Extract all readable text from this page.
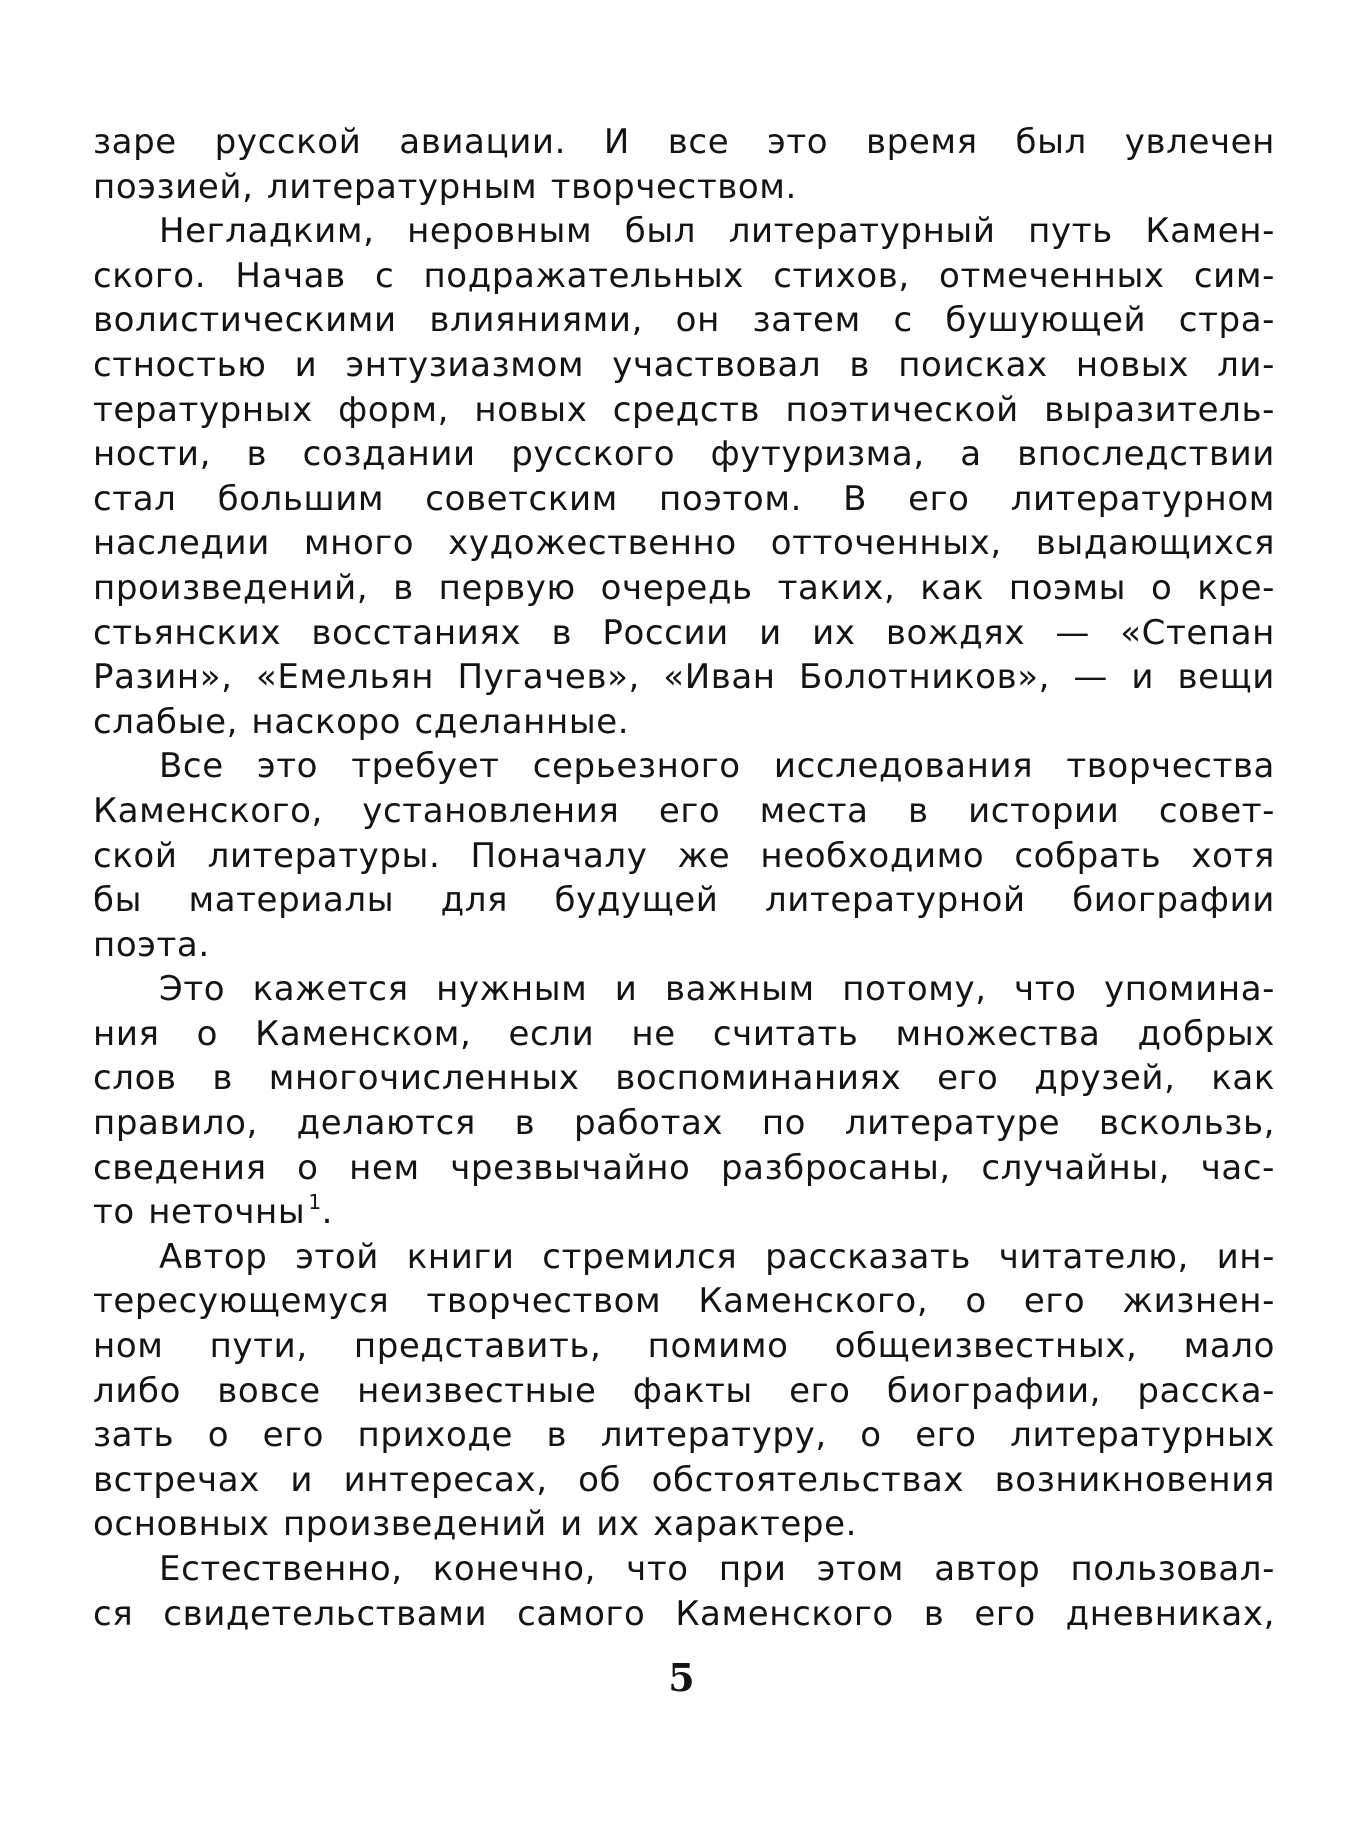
заре русской авиации. И все это время был увлечен
поэзией, литературным творчеством.
Негладким, неровным был литературный путь Камен-
ского. Начав с подражательных стихов, отмеченных сим-
волистическими влияниями, он затем с бушующей стра-
стностью и энтузиазмом участвовал в поисках новых ли-
тературных форм, новых средств поэтической выразитель-
ности, в создании русского футуризма, а впоследствии
стал большим советским поэтом. В его литературном
наследии много художественно отточенных, выдающихся
произведений, в первую очередь таких, как поэмы о кре-
стьянских восстаниях в России и их вождях — «Степан
Разин», «Емельян Пугачев», «Иван Болотников», — и вещи
слабые, наскоро сделанные.
Все это требует серьезного исследования творчества
Каменского, установления его места в истории совет-
ской литературы. Поначалу же необходимо собрать хотя
бы материалы для будущей литературной биографии
поэта.
Это кажется нужным и важным потому, что упомина-
ния о Каменском, если не считать множества добрых
слов в многочисленных воспоминаниях его друзей, как
правило, делаются в работах по литературе вскользь,
сведения о нем чрезвычайно разбросаны, случайны, час-
то неточны $^1$.
Автор этой книги стремился рассказать читателю, ин-
тересующемуся творчеством Каменского, о его жизнен-
ном пути, представить, помимо общеизвестных, мало
либо вовсе неизвестные факты его биографии, расска-
зать о его приходе в литературу, о его литературных
встречах и интересах, об обстоятельствах возникновения
основных произведений и их характере.
Естественно, конечно, что при этом автор пользовал-
ся свидетельствами самого Каменского в его дневниках,
5
